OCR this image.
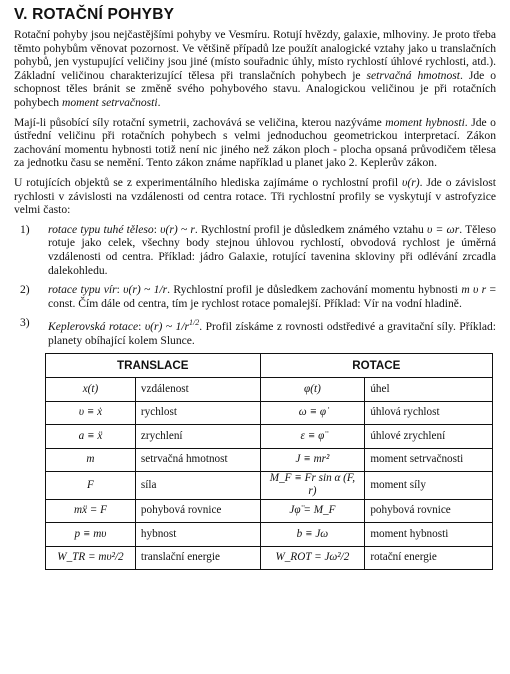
V. ROTAČNÍ POHYBY

Rotační pohyby jsou nejčastějšími pohyby ve Vesmíru. Rotují hvězdy, galaxie, mlhoviny. Je proto třeba těmto pohybům věnovat pozornost. Ve většině případů lze použít analogické vztahy jako u translačních pohybů, jen vystupující veličiny jsou jiné (místo souřadnic úhly, místo rychlostí úhlové rychlosti, atd.). Základní veličinou charakterizující tělesa při translačních pohybech je setrvačná hmotnost. Jde o schopnost těles bránit se změně svého pohybového stavu. Analogickou veličinou je při rotačních pohybech moment setrvačnosti.

Mají-li působící síly rotační symetrii, zachovává se veličina, kterou nazýváme moment hybnosti. Jde o ústřední veličinu při rotačních pohybech s velmi jednoduchou geometrickou interpretací. Zákon zachování momentu hybnosti totiž není nic jiného než zákon ploch - plocha opsaná průvodičem tělesa za jednotku času se nemění. Tento zákon známe například u planet jako 2. Keplerův zákon.

U rotujících objektů se z experimentálního hlediska zajímáme o rychlostní profil υ(r). Jde o závislost rychlosti v závislosti na vzdálenosti od centra rotace. Tři rychlostní profily se vyskytují v astrofyzice velmi často:

1)	rotace typu tuhé těleso: υ(r) ~ r. Rychlostní profil je důsledkem známého vztahu υ = ωr. Těleso rotuje jako celek, všechny body stejnou úhlovou rychlostí, obvodová rychlost je úměrná vzdálenosti od centra. Příklad: jádro Galaxie, rotující tavenina skloviny při odlévání zrcadla dalekohledu.
2)	rotace typu vír: υ(r) ~ 1/r. Rychlostní profil je důsledkem zachování momentu hybnosti m υ r = const. Čím dále od centra, tím je rychlost rotace pomalejší. Příklad: Vír na vodní hladině.
3)	Keplerovská rotace: υ(r) ~ $1/r^{1/2}$. Profil získáme z rovnosti odstředivé a gravitační síly. Příklad: planety obíhající kolem Slunce.
TRANSLACE		ROTACE	
x(t)	vzdálenost	φ(t)	úhel
υ ≡ ẋ	rychlost	ω ≡ φ̇	úhlová rychlost
a ≡ ẍ	zrychlení	ε ≡ φ̈	úhlové zrychlení
m	setrvačná hmotnost	J ≡ mr²	moment setrvačnosti
F	síla	M_F ≡ Fr sin α (F, r)	moment síly
mẍ = F	pohybová rovnice	Jφ̈ = M_F	pohybová rovnice
p ≡ mυ	hybnost	b ≡ Jω	moment hybnosti
W_TR = mυ²/2	translační energie	W_ROT = Jω²/2	rotační energie
